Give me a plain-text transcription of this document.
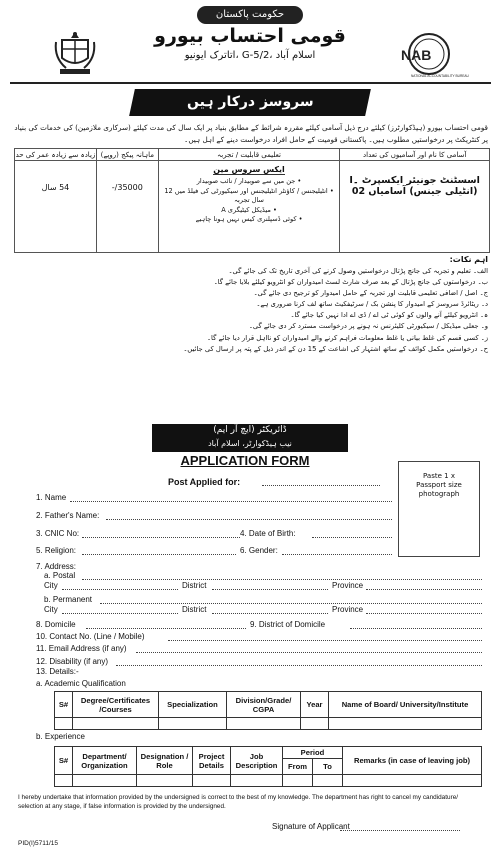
حکومت پاکستان
قومی احتساب بیورو
اتاترک ایونیو، G-5/2، اسلام آباد	NAB
NATIONAL ACCOUNTABILITY BUREAU
سروسز درکار ہیں
قومی احتساب بیورو (ہیڈکوارٹرز) کیلئے درج ذیل آسامی کیلئے مقررہ شرائط کے مطابق بنیاد پر ایک سال کی مدت کیلئے (سرکاری ملازمین) کی خدمات کی بنیاد پر کنٹریکٹ پر درخواستیں مطلوب ہیں۔ پاکستانی قومیت کے حامل افراد درخواست دینے کے اہل ہیں۔
آسامی کا نام اور آسامیوں کی تعداد	تعلیمی قابلیت / تجربہ	ماہانہ پیکج (روپے)	زیادہ سے زیادہ عمر کی حد
اسسٹنٹ جونیئر ایکسپرٹ ۔I (انٹیلی جینس) آسامیاں 02	ایکس سروس مین
• جن میں سے صوبیدار / نائب صوبیدار
• انٹیلیجنس / کاؤنٹر انٹیلیجنس اور سیکیورٹی کی فیلڈ میں 12 سال تجربہ
• میڈیکل کیٹیگری A
• کوئی ڈسپلنری کیس نہیں ہونا چاہیے	35000/-	54 سال
اہم نکات:
الف۔ تعلیم و تجربہ کی جانچ پڑتال درخواستیں وصول کرنے کی آخری تاریخ تک کی جائے گی۔
ب۔ درخواستوں کی جانچ پڑتال کے بعد صرف شارٹ لسٹ امیدواران کو انٹرویو کیلئے بلایا جائے گا۔
ج۔ اصل / اضافی تعلیمی قابلیت اور تجربہ کے حامل امیدوار کو ترجیح دی جائے گی۔
د۔ ریٹائرڈ سروسز کے امیدوار کا پنشن بک / سرٹیفکیٹ ساتھ لف کرنا ضروری ہے۔
ہ۔ انٹرویو کیلئے آنے والوں کو کوئی ٹی اے / ڈی اے ادا نہیں کیا جائے گا۔
و۔ جعلی میڈیکل / سیکیورٹی کلیئرنس نہ ہونے پر درخواست مسترد کر دی جائے گی۔
ز۔ کسی قسم کی غلط بیانی یا غلط معلومات فراہم کرنے والے امیدواران کو نااہل قرار دیا جائے گا۔
ح۔ درخواستیں مکمل کوائف کے ساتھ اشتہار کی اشاعت کے 15 دن کے اندر ذیل کے پتہ پر ارسال کی جائیں۔
ڈائریکٹر (ایچ آر ایم)
نیب ہیڈکوارٹر، اسلام آباد
APPLICATION FORM
Post Applied for:
Paste 1 x
Passport size
photograph
1. Name
2. Father's Name:
3. CNIC No:	4. Date of Birth:
5. Religion:	6. Gender:
7. Address:
a. Postal
City	District	Province
b. Permanent
City	District	Province
8. Domicile	9. District of Domicile
10. Contact No. (Line / Mobile)
11. Email Address (if any)
12. Disability (if any)
13. Details:-
a. Academic Qualification
S#	Degree/Certificates /Courses	Specialization	Division/Grade/ CGPA	Year	Name of Board/ University/Institute

b. Experience
S#	Department/ Organization	Designation / Role	Project Details	Job Description	Period		Remarks (in case of leaving job)
					From	To	

I hereby undertake that information provided by the undersigned is correct to the best of my knowledge. The department has right to cancel my candidature/ selection at any stage, if false information is provided by the undersigned.
Signature of Applicant
PID(I)5711/15
